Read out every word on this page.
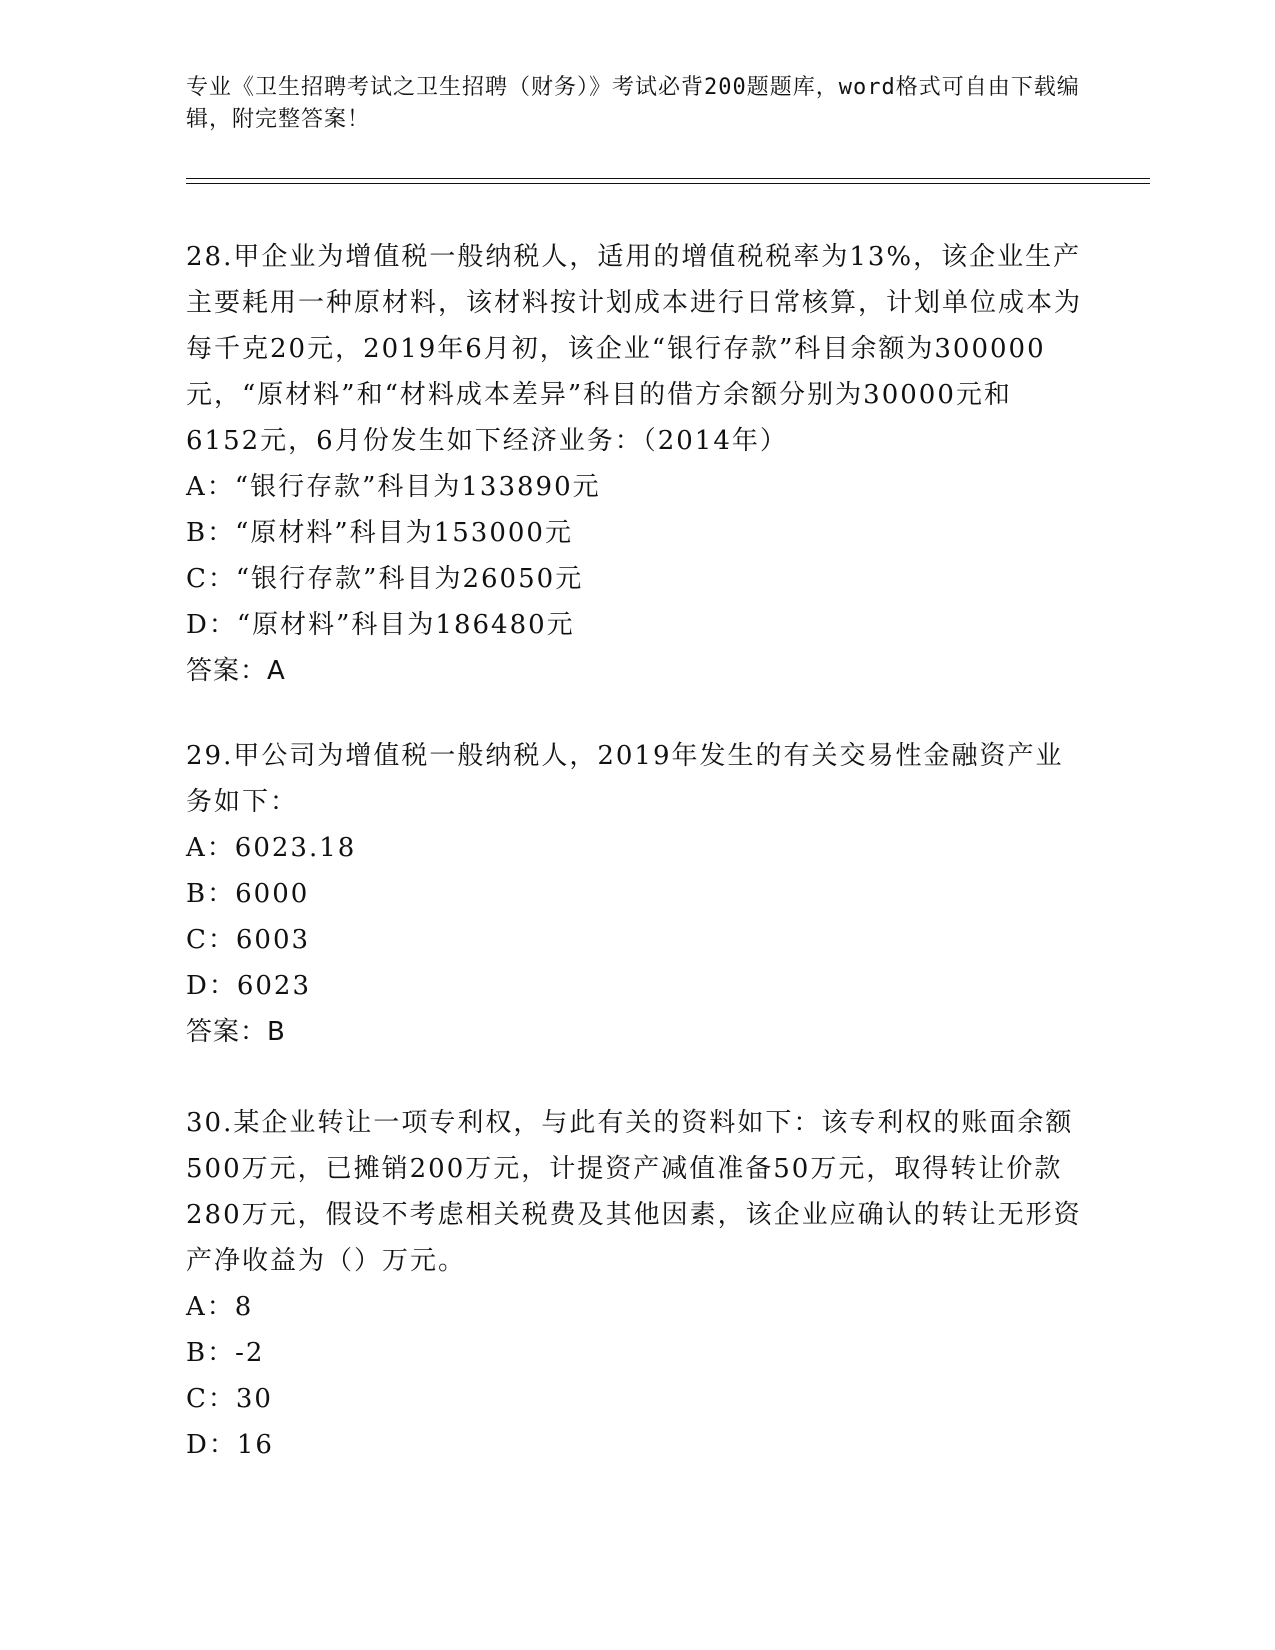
专业《卫生招聘考试之卫生招聘（财务）》考试必背200题题库，word格式可自由下载编辑，附完整答案！

28.甲企业为增值税一般纳税人，适用的增值税税率为13%，该企业生产主要耗用一种原材料，该材料按计划成本进行日常核算，计划单位成本为每千克20元，2019年6月初，该企业“银行存款”科目余额为300000元，“原材料”和“材料成本差异”科目的借方余额分别为30000元和6152元，6月份发生如下经济业务：（2014年）

A：“银行存款”科目为133890元

B：“原材料”科目为153000元

C：“银行存款”科目为26050元

D：“原材料”科目为186480元

答案：A

29.甲公司为增值税一般纳税人，2019年发生的有关交易性金融资产业务如下：

A：6023.18

B：6000

C：6003

D：6023

答案：B

30.某企业转让一项专利权，与此有关的资料如下：该专利权的账面余额500万元，已摊销200万元，计提资产减值准备50万元，取得转让价款280万元，假设不考虑相关税费及其他因素，该企业应确认的转让无形资产净收益为（）万元。

A：8

B：-2

C：30

D：16
